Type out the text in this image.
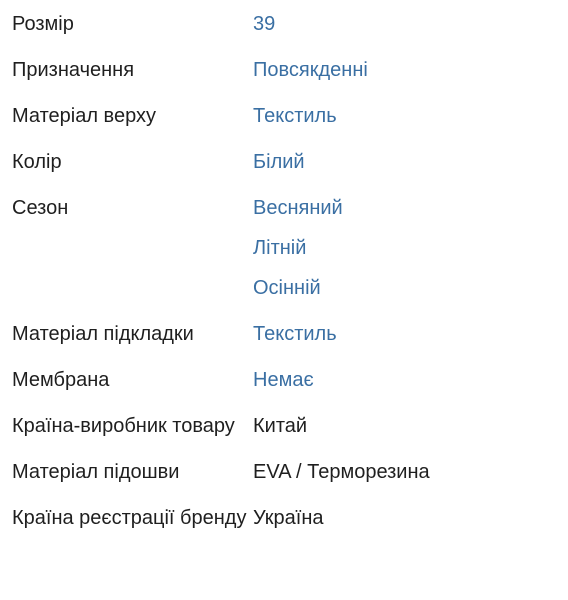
Розмір	39
Призначення	Повсякденні
Матеріал верху	Текстиль
Колір	Білий
Сезон	Весняний
Літній
Осінній
Матеріал підкладки	Текстиль
Мембрана	Немає
Країна-виробник товару Китай
Матеріал підошви	EVA / Терморезина
Країна реєстрації бренду Україна
